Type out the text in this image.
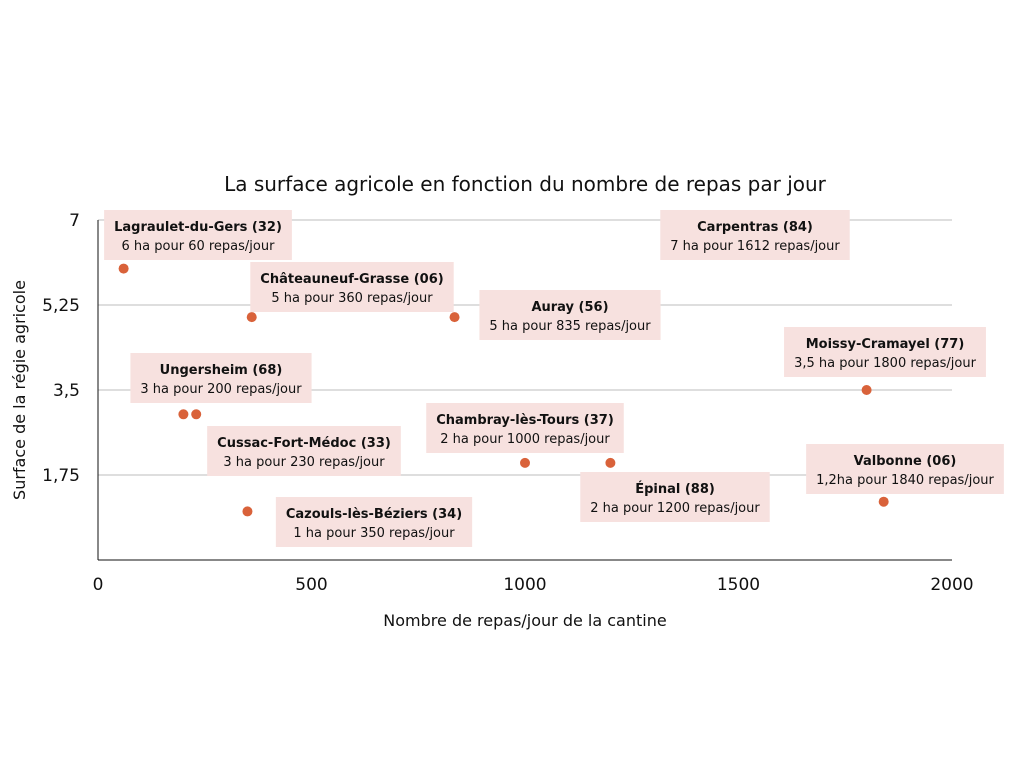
La surface agricole en fonction du nombre de repas par jour
1,75
3,5
5,25
7
0	500	1000	1500	2000
Nombre de repas/jour de la cantine
Surface de la régie agricole
Lagraulet-du-Gers (32)
6 ha pour 60 repas/jour
Châteauneuf-Grasse (06)
5 ha pour 360 repas/jour
Auray (56)
5 ha pour 835 repas/jour
Ungersheim (68)
3 ha pour 200 repas/jour
Cussac-Fort-Médoc (33)
3 ha pour 230 repas/jour
Cazouls-lès-Béziers (34)
1 ha pour 350 repas/jour
Chambray-lès-Tours (37)
2 ha pour 1000 repas/jour
Épinal (88)
2 ha pour 1200 repas/jour
Carpentras (84)
7 ha pour 1612 repas/jour
Moissy-Cramayel (77)
3,5 ha pour 1800 repas/jour
Valbonne (06)
1,2ha pour 1840 repas/jour
